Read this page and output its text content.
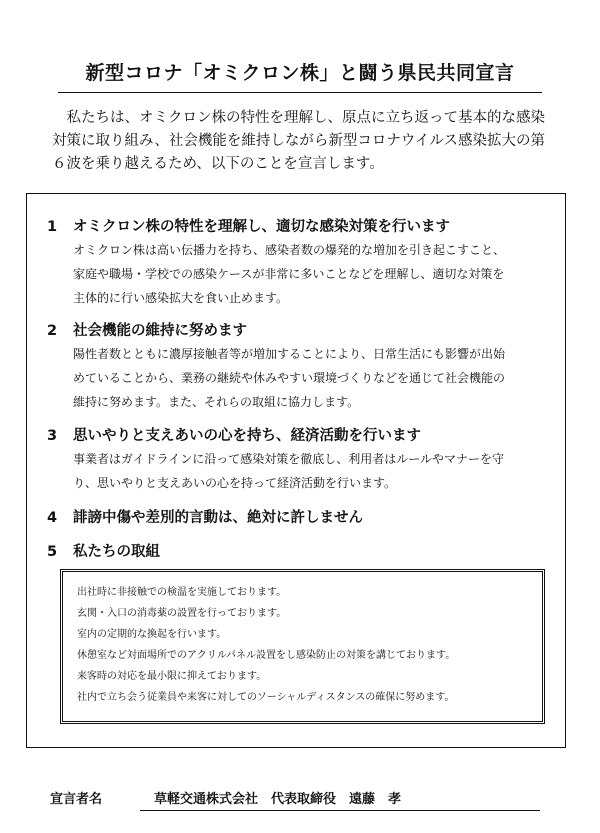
新型コロナ「オミクロン株」と闘う県民共同宣言

　私たちは、オミクロン株の特性を理解し、原点に立ち返って基本的な感染

対策に取り組み、社会機能を維持しながら新型コロナウイルス感染拡大の第

６波を乗り越えるため、以下のことを宣言します。

1	オミクロン株の特性を理解し、適切な感染対策を行います

オミクロン株は高い伝播力を持ち、感染者数の爆発的な増加を引き起こすこと、

家庭や職場・学校での感染ケースが非常に多いことなどを理解し、適切な対策を

主体的に行い感染拡大を食い止めます。

2	社会機能の維持に努めます

陽性者数とともに濃厚接触者等が増加することにより、日常生活にも影響が出始

めていることから、業務の継続や休みやすい環境づくりなどを通じて社会機能の

維持に努めます。また、それらの取組に協力します。

3	思いやりと支えあいの心を持ち、経済活動を行います

事業者はガイドラインに沿って感染対策を徹底し、利用者はルールやマナーを守

り、思いやりと支えあいの心を持って経済活動を行います。

4	誹謗中傷や差別的言動は、絶対に許しません
5	私たちの取組

出社時に非接触での検温を実施しております。

玄関・入口の消毒薬の設置を行っております。

室内の定期的な換起を行います。

休憩室など対面場所でのアクリルパネル設置をし感染防止の対策を講じております。

来客時の対応を最小限に抑えております。

社内で立ち会う従業員や来客に対してのソーシャルディスタンスの確保に努めます。

宣言者名	草軽交通株式会社　代表取締役　遠藤　孝
